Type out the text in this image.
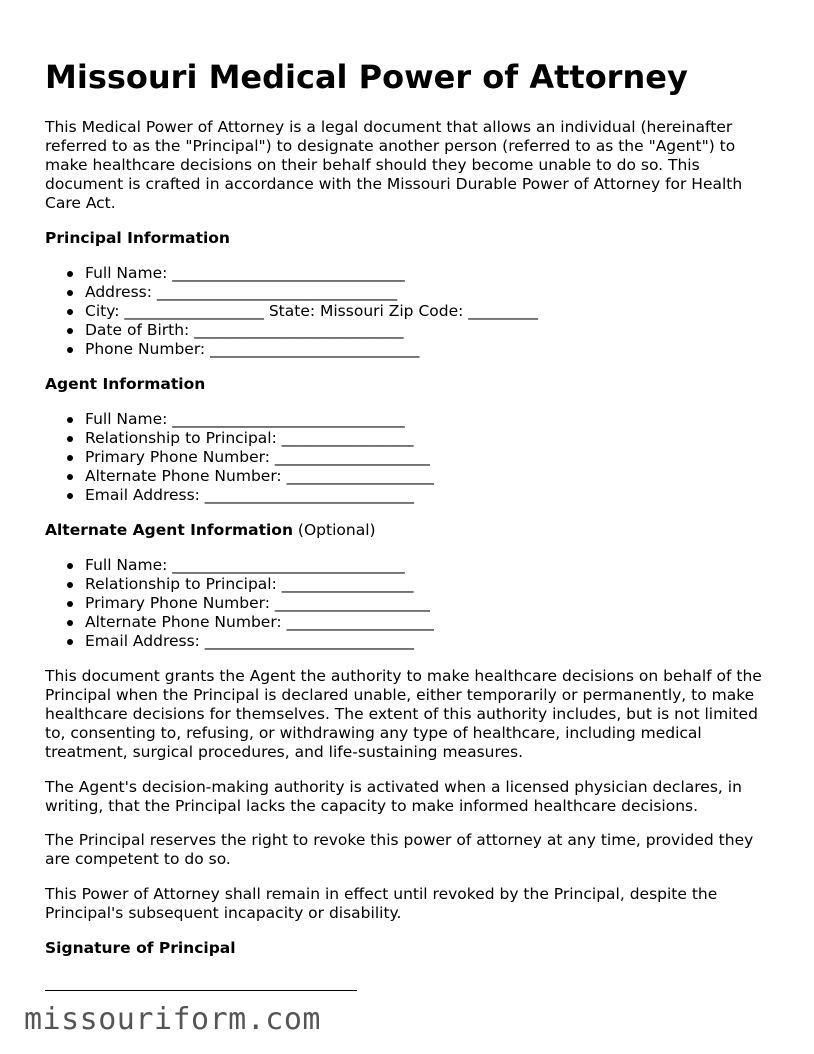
Missouri Medical Power of Attorney

This Medical Power of Attorney is a legal document that allows an individual (hereinafter referred to as the "Principal") to designate another person (referred to as the "Agent") to make healthcare decisions on their behalf should they become unable to do so. This document is crafted in accordance with the Missouri Durable Power of Attorney for Health Care Act.

Principal Information
Full Name: ______________________________
Address: _______________________________
City: __________________ State: Missouri Zip Code: _________
Date of Birth: ___________________________
Phone Number: ___________________________
Agent Information
Full Name: ______________________________
Relationship to Principal: _________________
Primary Phone Number: ____________________
Alternate Phone Number: ___________________
Email Address: ___________________________
Alternate Agent Information (Optional)
Full Name: ______________________________
Relationship to Principal: _________________
Primary Phone Number: ____________________
Alternate Phone Number: ___________________
Email Address: ___________________________

This document grants the Agent the authority to make healthcare decisions on behalf of the Principal when the Principal is declared unable, either temporarily or permanently, to make healthcare decisions for themselves. The extent of this authority includes, but is not limited to, consenting to, refusing, or withdrawing any type of healthcare, including medical treatment, surgical procedures, and life-sustaining measures.

The Agent's decision-making authority is activated when a licensed physician declares, in writing, that the Principal lacks the capacity to make informed healthcare decisions.

The Principal reserves the right to revoke this power of attorney at any time, provided they are competent to do so.

This Power of Attorney shall remain in effect until revoked by the Principal, despite the Principal's subsequent incapacity or disability.

Signature of Principal
missouriform.com
